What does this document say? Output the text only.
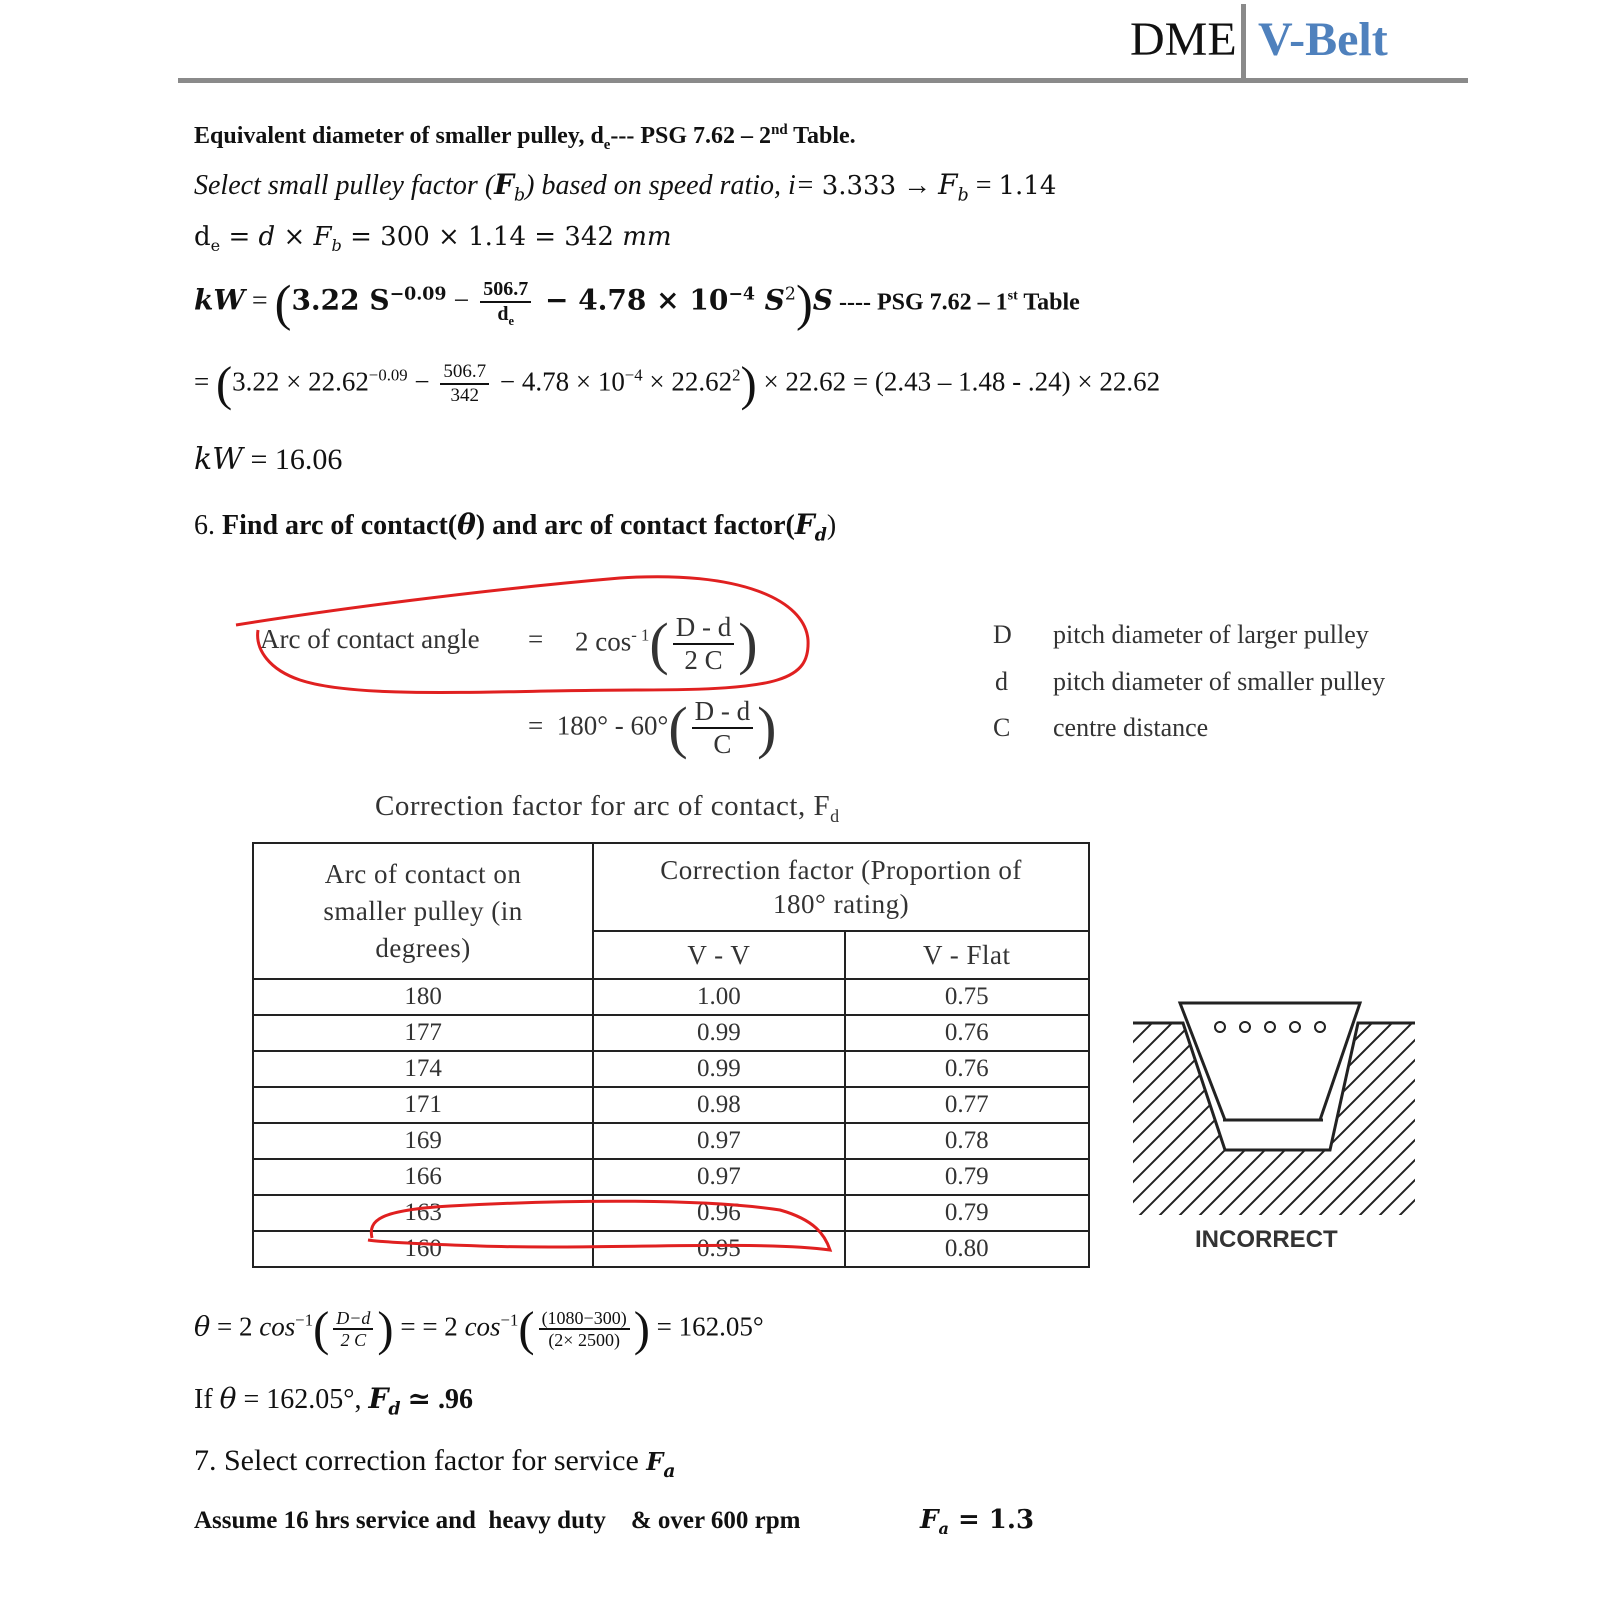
DME V-Belt
Equivalent diameter of smaller pulley, $d_e---$ PSG 7.62 – 2nd Table.
Select small pulley factor $(F_b)$ based on speed ratio, $i= 3.333 \to F_b = 1.14$
$d_e = d \times F_b = 300 \times 1.14 = 342$ mm
kW = (3.22 $S^{-0.09} - \frac{506.7}{d_e} - 4.78 \times 10^{-4}$ $S^2)S$ ---- PSG 7.62 – 1st Table
= $(3.22 \times 22.62^{-0.09} - \frac{506.7}{342} - 4.78 \times 10^{-4} \times 22.62^2) \times 22.62 = (2.43 - 1.48 - .24) \times 22.62$
kW = 16.06
6. Find arc of contact(θ) and arc of contact $factor(F_d)$
Arc of contact angle = 2 $\cos^{- 1}( \frac{D - d}{2 C}$ )
=  $180^\circ - 60^\circ( \frac{D - d}{C}$ )
D pitch diameter of larger pulley
d pitch diameter of smaller pulley
C centre distance
Correction factor for arc of contact, $F_d$
Arc of contact on smaller pulley (in degrees)	Correction factor (Proportion of 180° rating)	
	V - V	V - Flat
180	1.00	0.75
177	0.99	0.76
174	0.99	0.76
171	0.98	0.77
169	0.97	0.78
166	0.97	0.79
163	0.96	0.79
160	0.95	0.80	INCORRECT
θ = 2 $\cos^{-1}( \frac{D-d}{2 C}$ ) = = 2 $\cos^{-1}( \frac{(1080-300)}{(2\times 2500)}$ ) = 162.05°
If θ = 162.05°, $F_d$ ≃ .96
7. Select correction factor for service $F_a$
Assume 16 hrs service and  heavy duty    & over 600 rpm	$F_a = 1.3$
